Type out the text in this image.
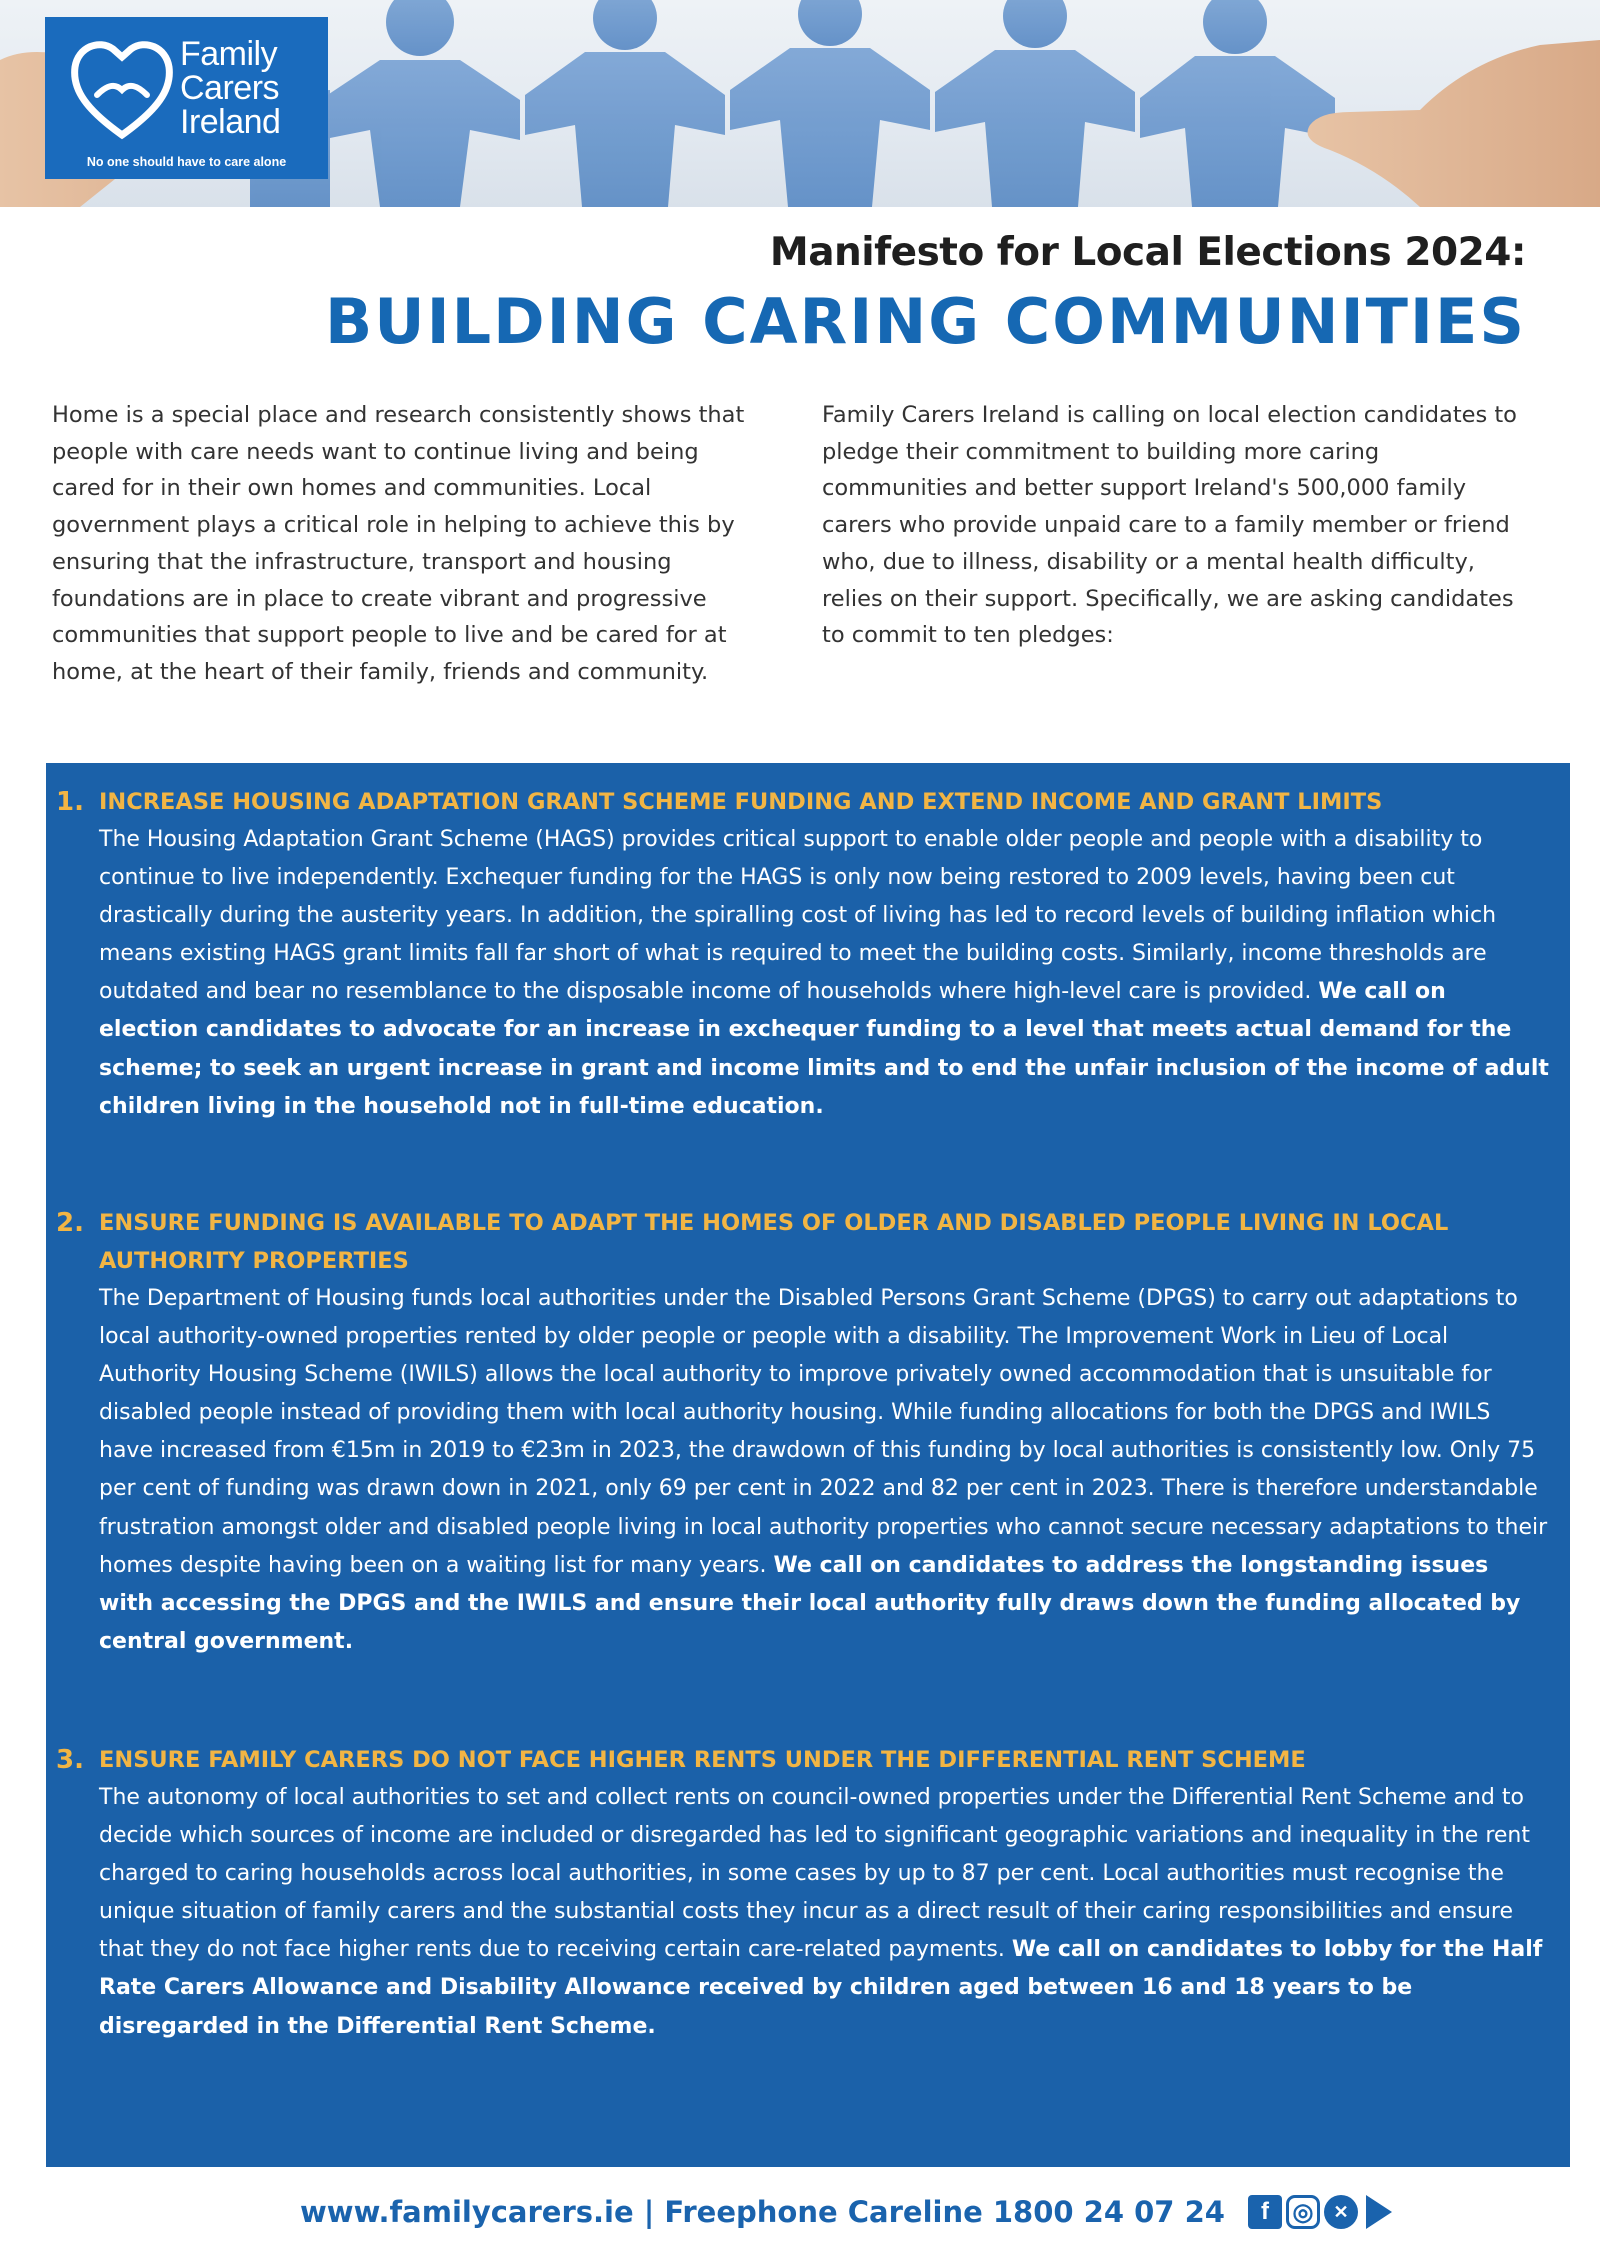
Family
Carers
Ireland
No one should have to care alone
Manifesto for Local Elections 2024:
BUILDING CARING COMMUNITIES

Home is a special place and research consistently shows that people with care needs want to continue living and being cared for in their own homes and communities. Local government plays a critical role in helping to achieve this by ensuring that the infrastructure, transport and housing foundations are in place to create vibrant and progressive communities that support people to live and be cared for at home, at the heart of their family, friends and community.

Family Carers Ireland is calling on local election candidates to pledge their commitment to building more caring communities and better support Ireland's 500,000 family carers who provide unpaid care to a family member or friend who, due to illness, disability or a mental health difficulty, relies on their support. Specifically, we are asking candidates to commit to ten pledges:

1. INCREASE HOUSING ADAPTATION GRANT SCHEME FUNDING AND EXTEND INCOME AND GRANT LIMITS
The Housing Adaptation Grant Scheme (HAGS) provides critical support to enable older people and people with a disability to continue to live independently. Exchequer funding for the HAGS is only now being restored to 2009 levels, having been cut drastically during the austerity years. In addition, the spiralling cost of living has led to record levels of building inflation which means existing HAGS grant limits fall far short of what is required to meet the building costs. Similarly, income thresholds are outdated and bear no resemblance to the disposable income of households where high-level care is provided. We call on election candidates to advocate for an increase in exchequer funding to a level that meets actual demand for the scheme; to seek an urgent increase in grant and income limits and to end the unfair inclusion of the income of adult children living in the household not in full-time education.
2. ENSURE FUNDING IS AVAILABLE TO ADAPT THE HOMES OF OLDER AND DISABLED PEOPLE LIVING IN LOCAL AUTHORITY PROPERTIES
The Department of Housing funds local authorities under the Disabled Persons Grant Scheme (DPGS) to carry out adaptations to local authority-owned properties rented by older people or people with a disability. The Improvement Work in Lieu of Local Authority Housing Scheme (IWILS) allows the local authority to improve privately owned accommodation that is unsuitable for disabled people instead of providing them with local authority housing. While funding allocations for both the DPGS and IWILS have increased from €15m in 2019 to €23m in 2023, the drawdown of this funding by local authorities is consistently low. Only 75 per cent of funding was drawn down in 2021, only 69 per cent in 2022 and 82 per cent in 2023. There is therefore understandable frustration amongst older and disabled people living in local authority properties who cannot secure necessary adaptations to their homes despite having been on a waiting list for many years. We call on candidates to address the longstanding issues with accessing the DPGS and the IWILS and ensure their local authority fully draws down the funding allocated by central government.
3. ENSURE FAMILY CARERS DO NOT FACE HIGHER RENTS UNDER THE DIFFERENTIAL RENT SCHEME
The autonomy of local authorities to set and collect rents on council-owned properties under the Differential Rent Scheme and to decide which sources of income are included or disregarded has led to significant geographic variations and inequality in the rent charged to caring households across local authorities, in some cases by up to 87 per cent. Local authorities must recognise the unique situation of family carers and the substantial costs they incur as a direct result of their caring responsibilities and ensure that they do not face higher rents due to receiving certain care-related payments. We call on candidates to lobby for the Half Rate Carers Allowance and Disability Allowance received by children aged between 16 and 18 years to be disregarded in the Differential Rent Scheme.
www.familycarers.ie | Freephone Careline 1800 24 07 24	f ◎	✕
